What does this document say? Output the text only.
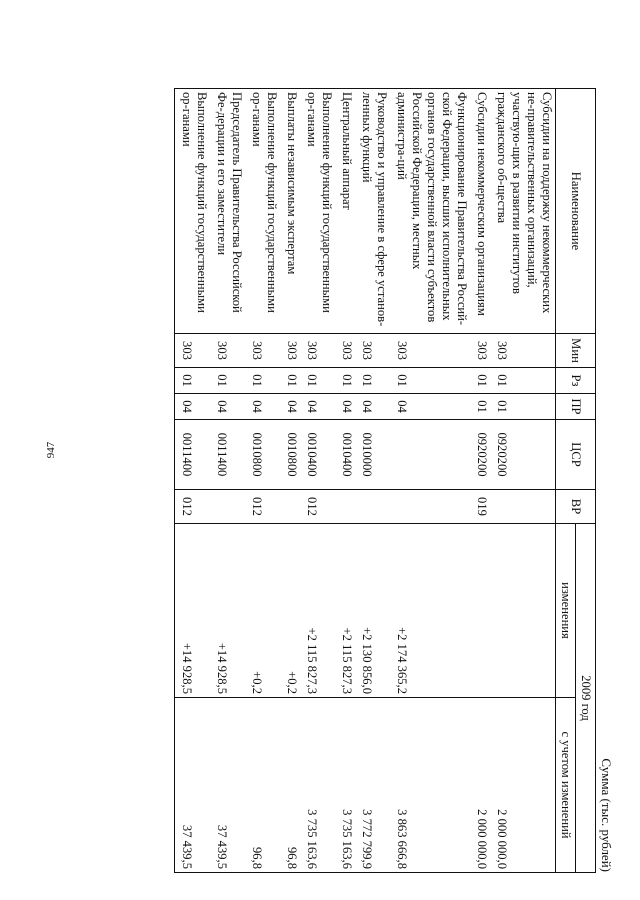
947
Сумма (тыс. рублей)
Наименование	Мин	Рз	ПР	ЦСР	ВР	2009 год	
						изменения	с учетом изменений
Субсидии на поддержку некоммерческих не-правительственных организаций, участвую-щих в развитии институтов гражданского об-щества	303	01	01	0920200			2 000 000,0
Субсидии некоммерческим организациям	303	01	01	0920200	019		2 000 000,0
Функционирование Правительства Россий-ской Федерации, высших исполнительных органов государственной власти субъектов Российской Федерации, местных администра-ций	303	01	04			+2 174 365,2	3 863 666,8
Руководство и управление в сфере установ-ленных функций	303	01	04	0010000		+2 130 856,0	3 772 799,9
Центральный аппарат	303	01	04	0010400		+2 115 827,3	3 735 163,6
Выполнение функций государственными ор-ганами	303	01	04	0010400	012	+2 115 827,3	3 735 163,6
Выплаты независимым экспертам	303	01	04	0010800		+0,2	96,8
Выполнение функций государственными ор-ганами	303	01	04	0010800	012	+0,2	96,8
Председатель Правительства Российской Фе-дерации и его заместители	303	01	04	0011400		+14 928,5	37 439,5
Выполнение функций государственными ор-ганами	303	01	04	0011400	012	+14 928,5	37 439,5
